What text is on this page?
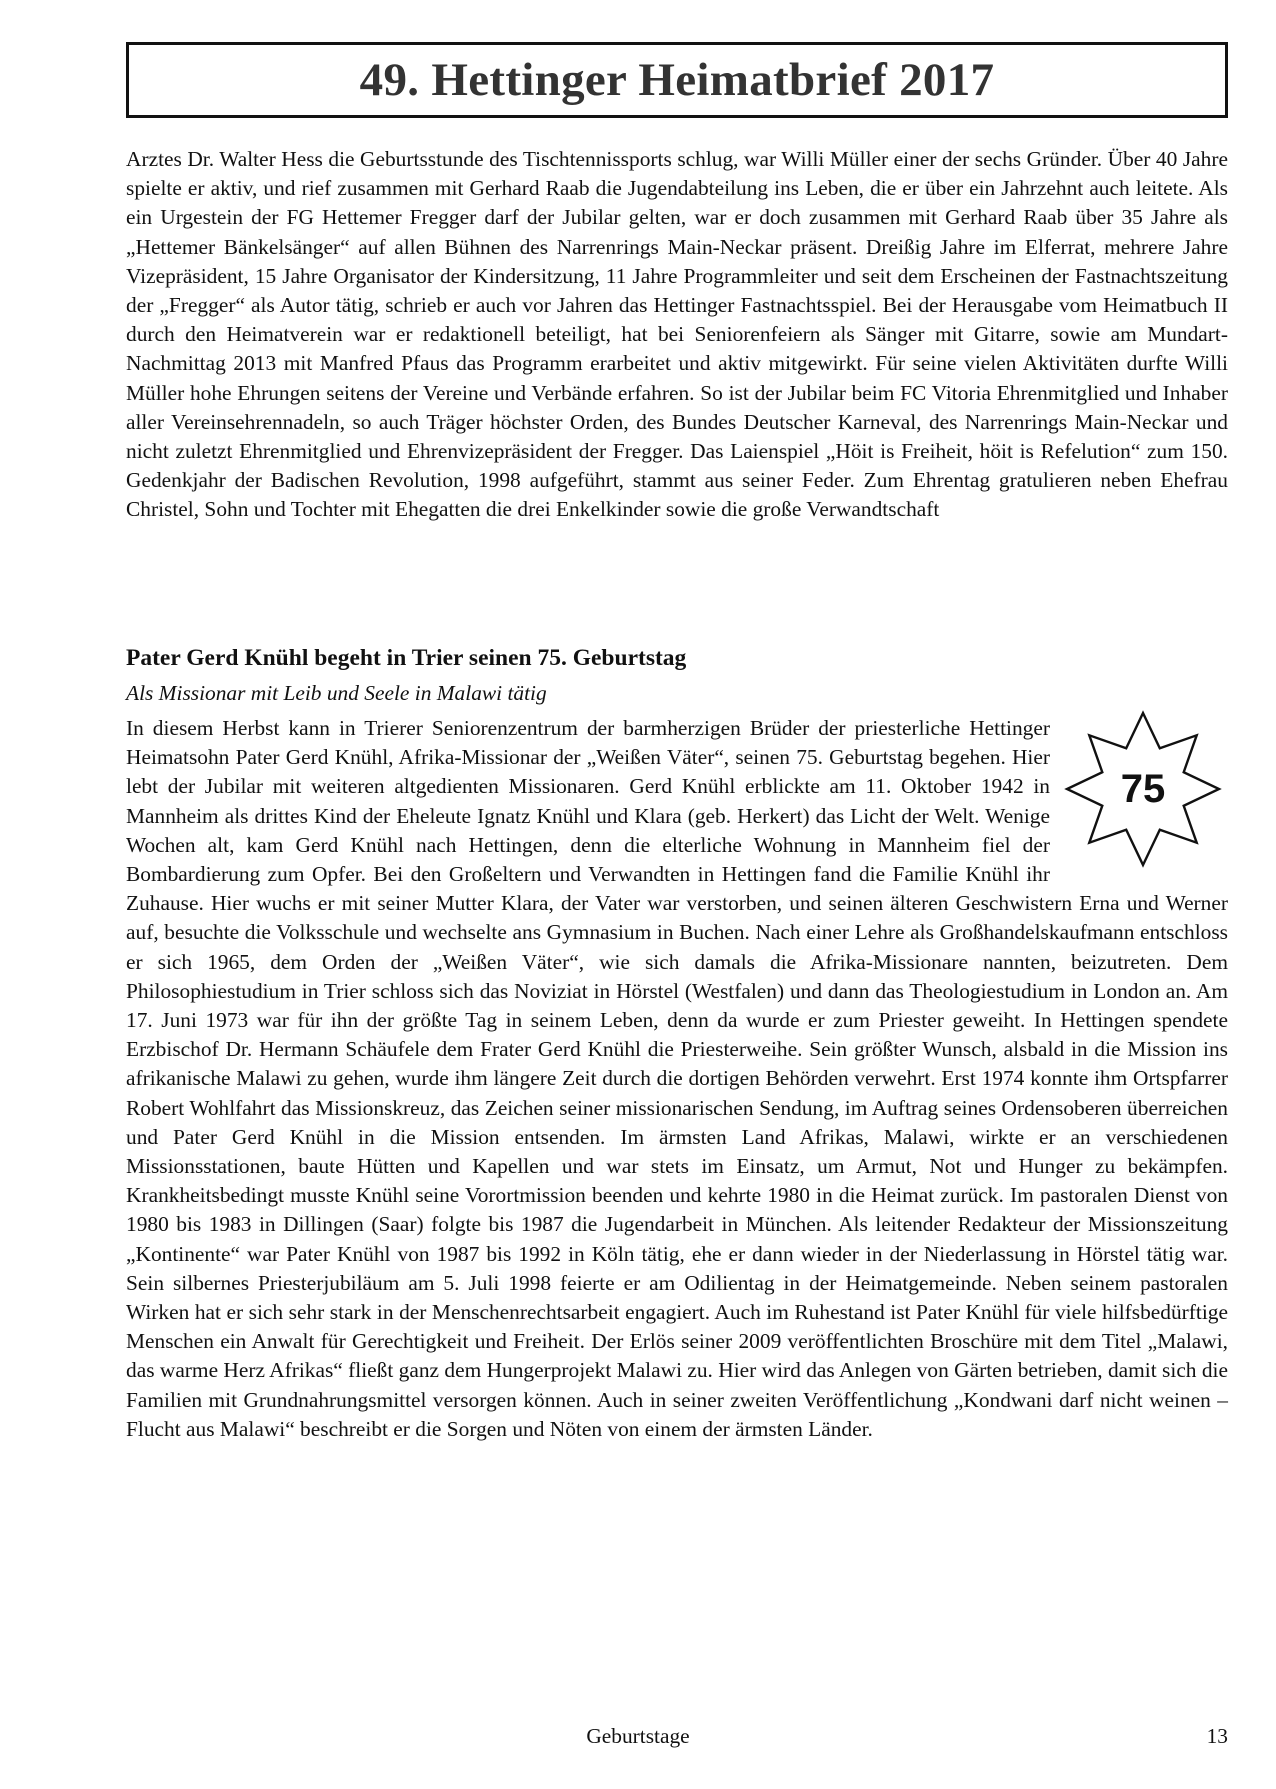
49. Hettinger Heimatbrief 2017

Arztes Dr. Walter Hess die Geburtsstunde des Tischtennissports schlug, war Willi Müller einer der sechs Gründer. Über 40 Jahre spielte er aktiv, und rief zusammen mit Gerhard Raab die Jugendabteilung ins Leben, die er über ein Jahrzehnt auch leitete. Als ein Urgestein der FG Hettemer Fregger darf der Jubilar gelten, war er doch zusammen mit Gerhard Raab über 35 Jahre als „Hettemer Bänkelsänger“ auf allen Bühnen des Narrenrings Main-Neckar präsent. Dreißig Jahre im Elferrat, mehrere Jahre Vizepräsident, 15 Jahre Organisator der Kindersitzung, 11 Jahre Programmleiter und seit dem Erscheinen der Fastnachtszeitung der „Fregger“ als Autor tätig, schrieb er auch vor Jahren das Hettinger Fastnachtsspiel. Bei der Herausgabe vom Heimatbuch II durch den Heimatverein war er redaktionell beteiligt, hat bei Seniorenfeiern als Sänger mit Gitarre, sowie am Mundart-Nachmittag 2013 mit Manfred Pfaus das Programm erarbeitet und aktiv mitgewirkt. Für seine vielen Aktivitäten durfte Willi Müller hohe Ehrungen seitens der Vereine und Verbände erfahren. So ist der Jubilar beim FC Vitoria Ehrenmitglied und Inhaber aller Vereinsehrennadeln, so auch Träger höchster Orden, des Bundes Deutscher Karneval, des Narrenrings Main-Neckar und nicht zuletzt Ehrenmitglied und Ehrenvizepräsident der Fregger. Das Laienspiel „Höit is Freiheit, höit is Refelution“ zum 150. Gedenkjahr der Badischen Revolution, 1998 aufgeführt, stammt aus seiner Feder. Zum Ehrentag gratulieren neben Ehefrau Christel, Sohn und Tochter mit Ehegatten die drei Enkelkinder sowie die große Verwandtschaft

Pater Gerd Knühl begeht in Trier seinen 75. Geburtstag

Als Missionar mit Leib und Seele in Malawi tätig

In diesem Herbst kann in Trierer Seniorenzentrum der barmherzigen Brüder der priesterliche Hettinger Heimatsohn Pater Gerd Knühl, Afrika-Missionar der „Weißen Väter“, seinen 75. Geburtstag begehen. Hier lebt der Jubilar mit weiteren altgedienten Missionaren. Gerd Knühl erblickte am 11. Oktober 1942 in Mannheim als drittes Kind der Eheleute Ignatz Knühl und Klara (geb. Herkert) das Licht der Welt. Wenige Wochen alt, kam Gerd Knühl nach Hettingen, denn die elterliche Wohnung in Mannheim fiel der Bombardierung zum Opfer. Bei den Großeltern und Verwandten in Hettingen fand die Familie Knühl ihr Zuhause. Hier wuchs er mit seiner Mutter Klara, der Vater war verstorben, und seinen älteren Geschwistern Erna und Werner auf, besuchte die Volksschule und wechselte ans Gymnasium in Buchen. Nach einer Lehre als Großhandelskaufmann entschloss er sich 1965, dem Orden der „Weißen Väter“, wie sich damals die Afrika-Missionare nannten, beizutreten. Dem Philosophiestudium in Trier schloss sich das Noviziat in Hörstel (Westfalen) und dann das Theologiestudium in London an. Am 17. Juni 1973 war für ihn der größte Tag in seinem Leben, denn da wurde er zum Priester geweiht. In Hettingen spendete Erzbischof Dr. Hermann Schäufele dem Frater Gerd Knühl die Priesterweihe. Sein größter Wunsch, alsbald in die Mission ins afrikanische Malawi zu gehen, wurde ihm längere Zeit durch die dortigen Behörden verwehrt. Erst 1974 konnte ihm Ortspfarrer Robert Wohlfahrt das Missionskreuz, das Zeichen seiner missionarischen Sendung, im Auftrag seines Ordensoberen überreichen und Pater Gerd Knühl in die Mission entsenden. Im ärmsten Land Afrikas, Malawi, wirkte er an verschiedenen Missionsstationen, baute Hütten und Kapellen und war stets im Einsatz, um Armut, Not und Hunger zu bekämpfen. Krankheitsbedingt musste Knühl seine Vorortmission beenden und kehrte 1980 in die Heimat zurück. Im pastoralen Dienst von 1980 bis 1983 in Dillingen (Saar) folgte bis 1987 die Jugendarbeit in München. Als leitender Redakteur der Missionszeitung „Kontinente“ war Pater Knühl von 1987 bis 1992 in Köln tätig, ehe er dann wieder in der Niederlassung in Hörstel tätig war. Sein silbernes Priesterjubiläum am 5. Juli 1998 feierte er am Odilientag in der Heimatgemeinde. Neben seinem pastoralen Wirken hat er sich sehr stark in der Menschenrechtsarbeit engagiert. Auch im Ruhestand ist Pater Knühl für viele hilfsbedürftige Menschen ein Anwalt für Gerechtigkeit und Freiheit. Der Erlös seiner 2009 veröffentlichten Broschüre mit dem Titel „Malawi, das warme Herz Afrikas“ fließt ganz dem Hungerprojekt Malawi zu. Hier wird das Anlegen von Gärten betrieben, damit sich die Familien mit Grundnahrungsmittel versorgen können. Auch in seiner zweiten Veröffentlichung „Kondwani darf nicht weinen – Flucht aus Malawi“ beschreibt er die Sorgen und Nöten von einem der ärmsten Länder.
75

Geburtstage	13
